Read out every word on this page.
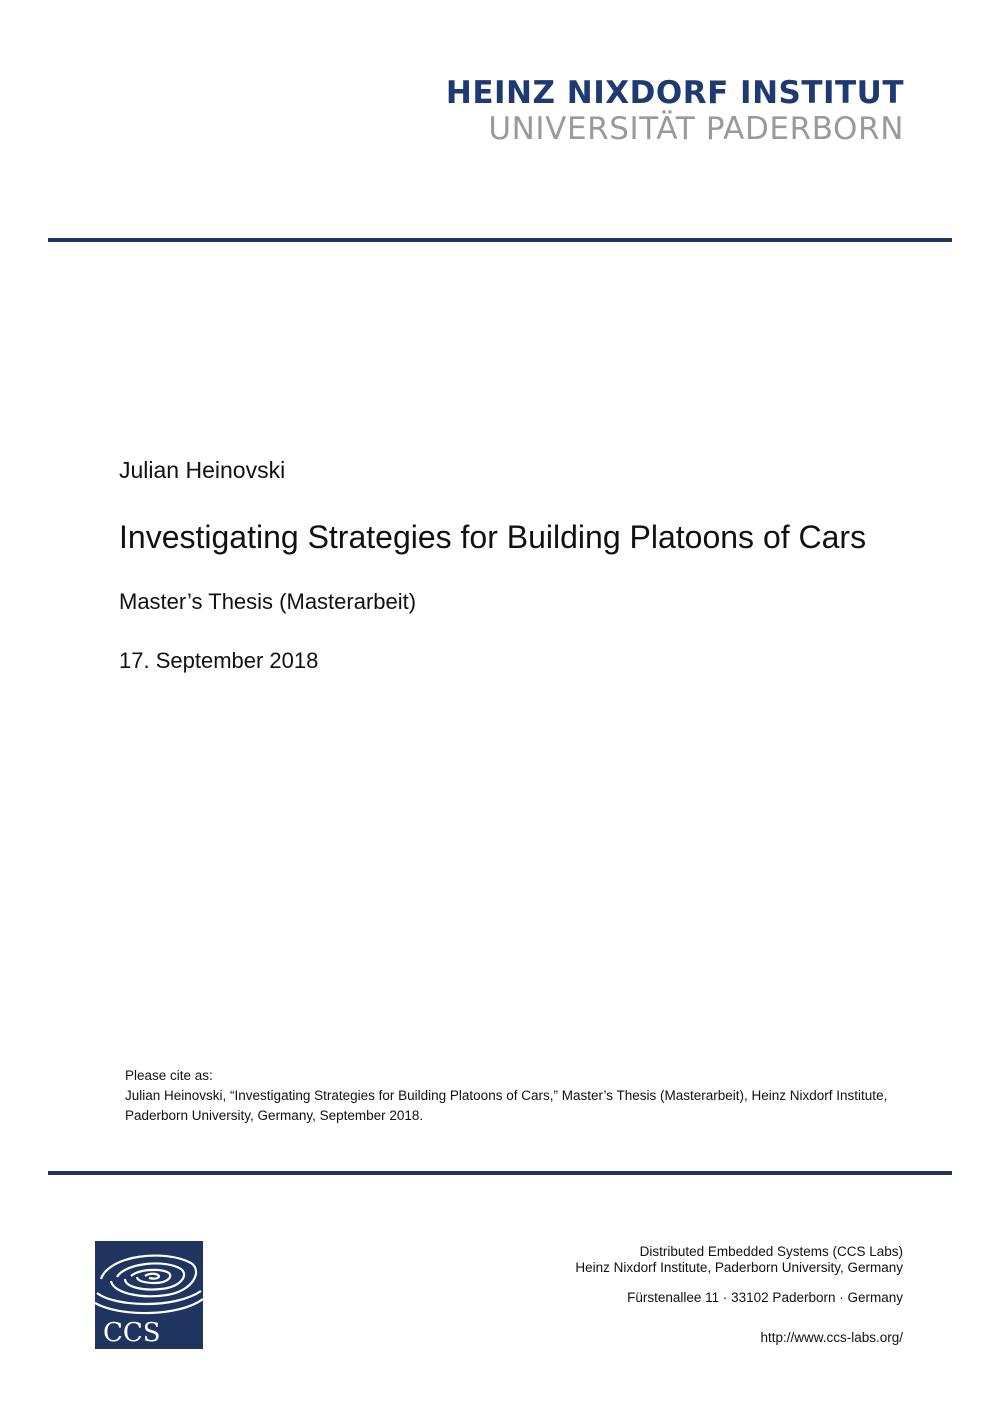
HEINZ NIXDORF INSTITUT
UNIVERSITÄT PADERBORN

Julian Heinovski

Investigating Strategies for Building Platoons of Cars

Master’s Thesis (Masterarbeit)

17. September 2018

Please cite as:

Julian Heinovski, “Investigating Strategies for Building Platoons of Cars,” Master’s Thesis (Masterarbeit), Heinz Nixdorf Institute,

Paderborn University, Germany, September 2018.

CCS

Distributed Embedded Systems (CCS Labs)

Heinz Nixdorf Institute, Paderborn University, Germany

Fürstenallee 11 · 33102 Paderborn · Germany

http://www.ccs-labs.org/
